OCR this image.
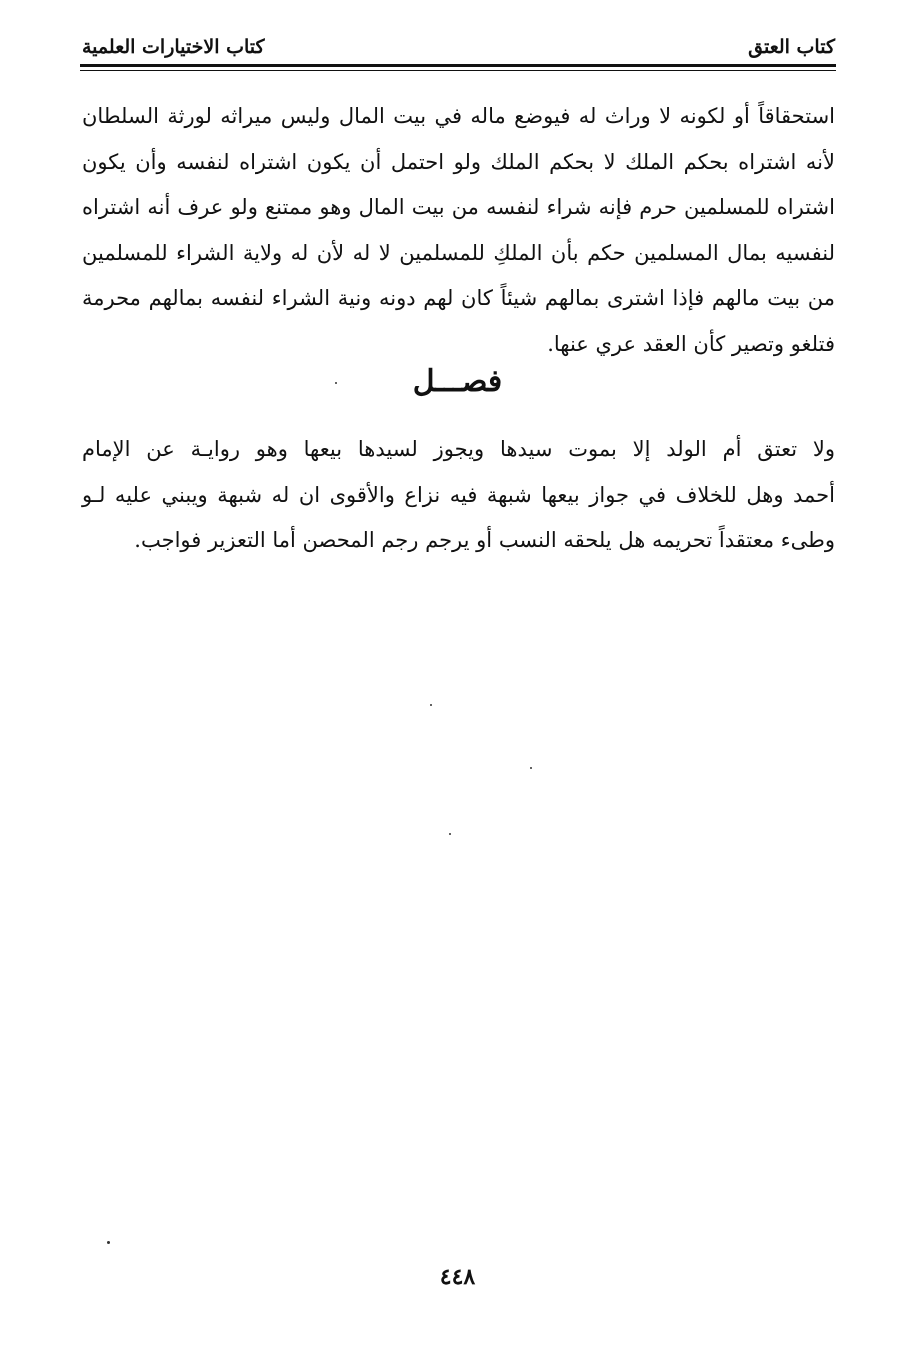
كتاب العتق
كتاب الاختيارات العلمية
استحقاقاً أو لكونه لا وراث له فيوضع ماله في بيت المال وليس ميراثه لورثة السلطان
لأنه اشتراه بحكم الملك لا بحكم الملك ولو احتمل أن يكون اشتراه لنفسه وأن يكون
اشتراه للمسلمين حرم فإنه شراء لنفسه من بيت المال وهو ممتنع ولو عرف أنه اشتراه
لنفسيه بمال المسلمين حكم بأن الملكِ للمسلمين لا له لأن له ولاية الشراء للمسلمين
من بيت مالهم فإذا اشترى بمالهم شيئاً كان لهم دونه ونية الشراء لنفسه بمالهم محرمة
فتلغو وتصير كأن العقد عري عنها.
فصـــل
ولا تعتق أم الولد إلا بموت سيدها ويجوز لسيدها بيعها وهو روايـة عن الإمام
أحمد وهل للخلاف في جواز بيعها شبهة فيه نزاع والأقوى ان له شبهة ويبني عليه لـو
وطىء معتقداً تحريمه هل يلحقه النسب أو يرجم رجم المحصن أما التعزير فواجب.
٤٤٨
